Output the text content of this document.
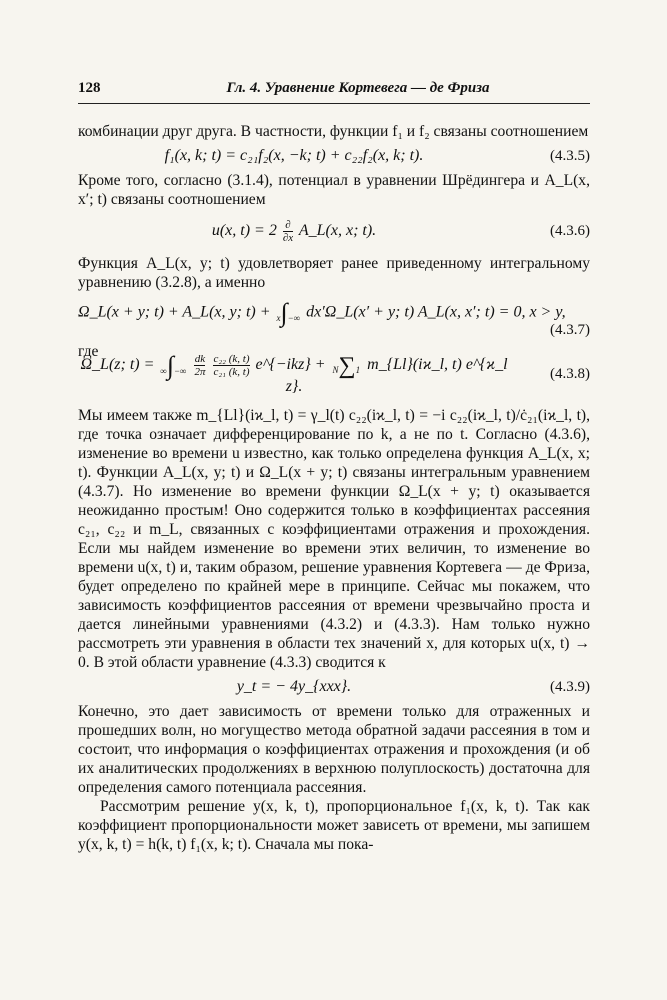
128	Гл. 4. Уравнение Кортевега — де Фриза

комбинации друг друга. В частности, функции f₁ и f₂ связаны соотношением

f₁(x, k; t) = c₂₁f₂(x, −k; t) + c₂₂f₂(x, k; t).	(4.3.5)

Кроме того, согласно (3.1.4), потенциал в уравнении Шрёдингера и A_L(x, x′; t) связаны соотношением

u(x, $t) = 2 \frac{\partial}{\partial x}$ A_L(x, x; t).	(4.3.6)

Функция A_L(x, y; t) удовлетворяет ранее приведенному интегральному уравнению (3.2.8), а именно

Ω_L(x + y; t) + A_L(x, y; t) + x∫−∞ dx′Ω_L(x′ + y; t) A_L(x, x′; t) = 0, x > y,
(4.3.7)
где
Ω_L(z; t) = ∞∫−∞ $\frac{dk}{2\pi}$
$\frac{\text{c₂₂ (k, t)}}{\text{c₂₁ (k, t)}}$ e^{−ikz} + N∑1 m_{Ll}(iϰ_l, t) e^{ϰ_l z}.
(4.3.8)

Мы имеем также m_{Ll}(iϰ_l, t) = γ_l(t) c₂₂(iϰ_l, t) = −i c₂₂(iϰ_l, t)/ċ₂₁(iϰ_l, t), где точка означает дифференцирование по k, а не по t. Согласно (4.3.6), изменение во времени u известно, как только определена функция A_L(x, x; t). Функции A_L(x, y; t) и Ω_L(x + y; t) связаны интегральным уравнением (4.3.7). Но изменение во времени функции Ω_L(x + y; t) оказывается неожиданно простым! Оно содержится только в коэффициентах рассеяния c₂₁, c₂₂ и m_L, связанных с коэффициентами отражения и прохождения. Если мы найдем изменение во времени этих величин, то изменение во времени u(x, t) и, таким образом, решение уравнения Кортевега — де Фриза, будет определено по крайней мере в принципе. Сейчас мы покажем, что зависимость коэффициентов рассеяния от времени чрезвычайно проста и дается линейными уравнениями (4.3.2) и (4.3.3). Нам только нужно рассмотреть эти уравнения в области тех значений x, для которых u(x, t) → 0. В этой области уравнение (4.3.3) сводится к

y_t = − 4y_{xxx}.	(4.3.9)

Конечно, это дает зависимость от времени только для отраженных и прошедших волн, но могущество метода обратной задачи рассеяния в том и состоит, что информация о коэффициентах отражения и прохождения (и об их аналитических продолжениях в верхнюю полуплоскость) достаточна для определения самого потенциала рассеяния.

Рассмотрим решение y(x, k, t), пропорциональное f₁(x, k, t). Так как коэффициент пропорциональности может зависеть от времени, мы запишем y(x, k, t) = h(k, t) f₁(x, k; t). Сначала мы пока-
